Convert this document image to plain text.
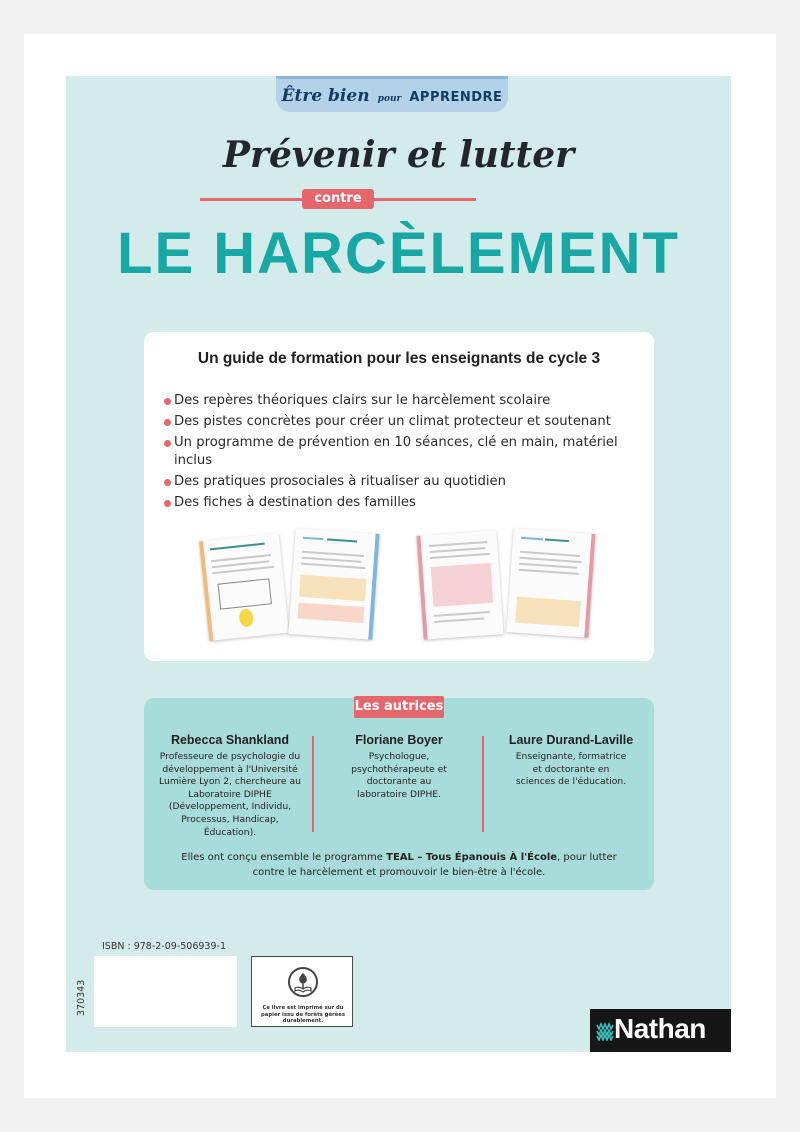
Être bien pour APPRENDRE
Prévenir et lutter
contre
LE HARCÈLEMENT
Un guide de formation pour les enseignants de cycle 3
Des repères théoriques clairs sur le harcèlement scolaire
Des pistes concrètes pour créer un climat protecteur et soutenant
Un programme de prévention en 10 séances, clé en main, matériel inclus
Des pratiques prosociales à ritualiser au quotidien
Des fiches à destination des familles
Les autrices
Rebecca Shankland
Professeure de psychologie du développement à l'Université Lumière Lyon 2, chercheure au Laboratoire DIPHE (Développement, Individu, Processus, Handicap, Éducation).
Floriane Boyer
Psychologue, psychothérapeute et doctorante au laboratoire DIPHE.
Laure Durand-Laville
Enseignante, formatrice et doctorante en sciences de l'éducation.
Elles ont conçu ensemble le programme TEAL – Tous Épanouis À l'École, pour lutter contre le harcèlement et promouvoir le bien-être à l'école.
ISBN : 978-2-09-506939-1
370343	Ce livre est imprimé sur du papier issu de forêts gérées durablement.	Nathan
